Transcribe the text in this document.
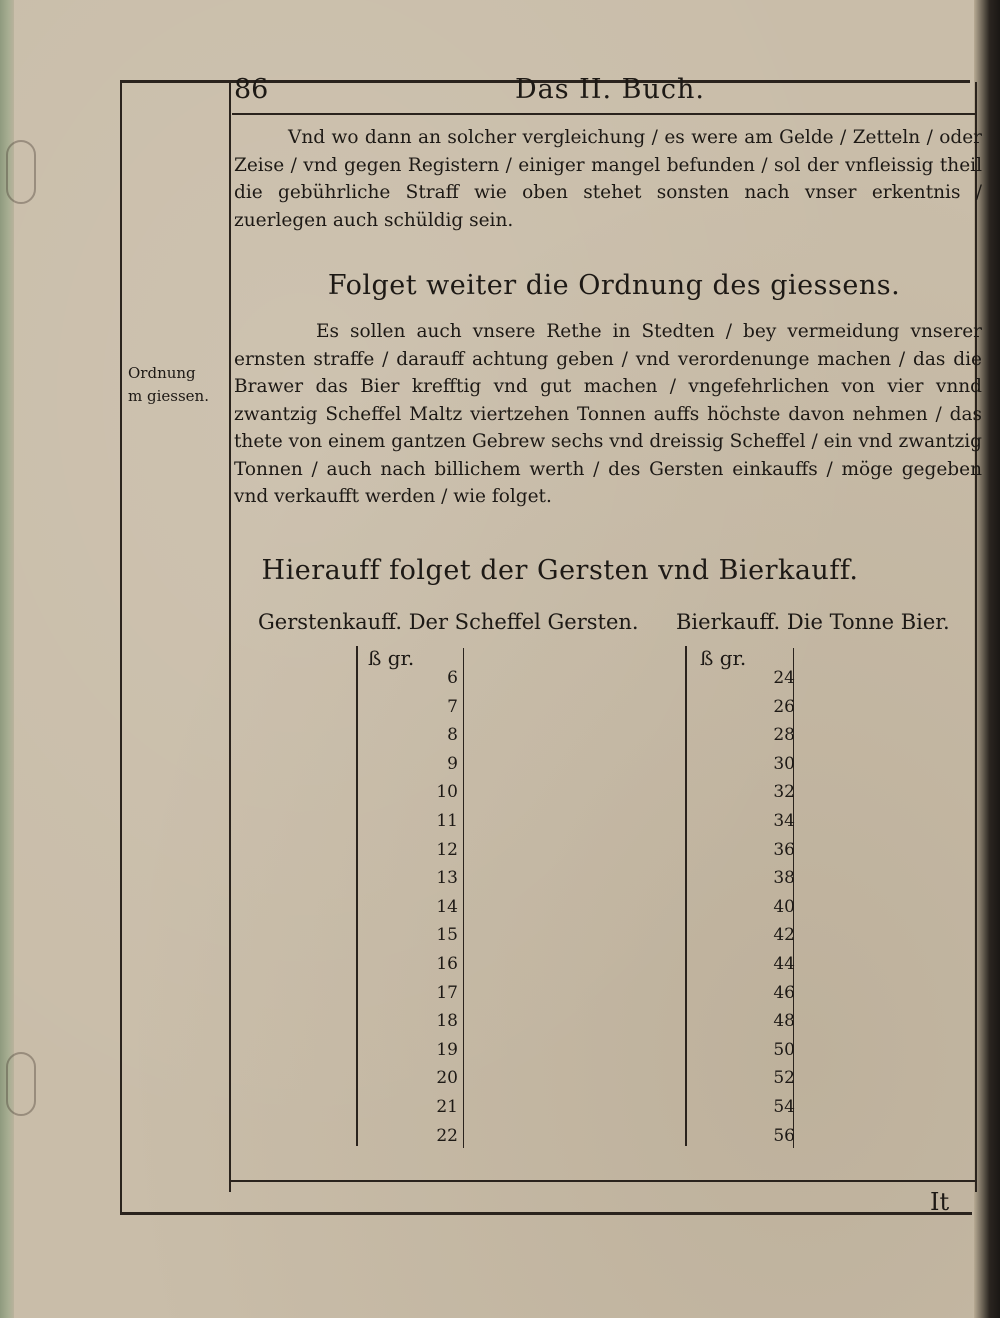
86	Das II. Buch.
Ordnung
m giessen.
Vnd wo dann an solcher vergleichung / es were am Gelde / Zetteln / oder Zeise / vnd gegen Registern / einiger mangel befunden / sol der vnfleissig theil die gebührliche Straff wie oben stehet sonsten nach vnser erkentnis / zuerlegen auch schüldig sein.
Folget weiter die Ordnung des giessens.
Es sollen auch vnsere Rethe in Stedten / bey vermeidung vnserer ernsten straffe / darauff achtung geben / vnd verordenunge machen / das die Brawer das Bier krefftig vnd gut machen / vngefehrlichen von vier vnnd zwantzig Scheffel Maltz viertzehen Tonnen auffs höchste davon nehmen / das thete von einem gantzen Gebrew sechs vnd dreissig Scheffel / ein vnd zwantzig Tonnen / auch nach billichem werth / des Gersten einkauffs / möge gegeben vnd verkaufft werden / wie folget.
Hierauff folget der Gersten vnd Bierkauff.
Gerstenkauff. Der Scheffel Gersten. Bierkauff. Die Tonne Bier.
ß gr.	ß gr.
6
7
8
9
10
11
12
13
14
15
16
17
18
19
20
21
22
24
26
28
30
32
34
36
38
40
42
44
46
48
50
52
54
56
It
